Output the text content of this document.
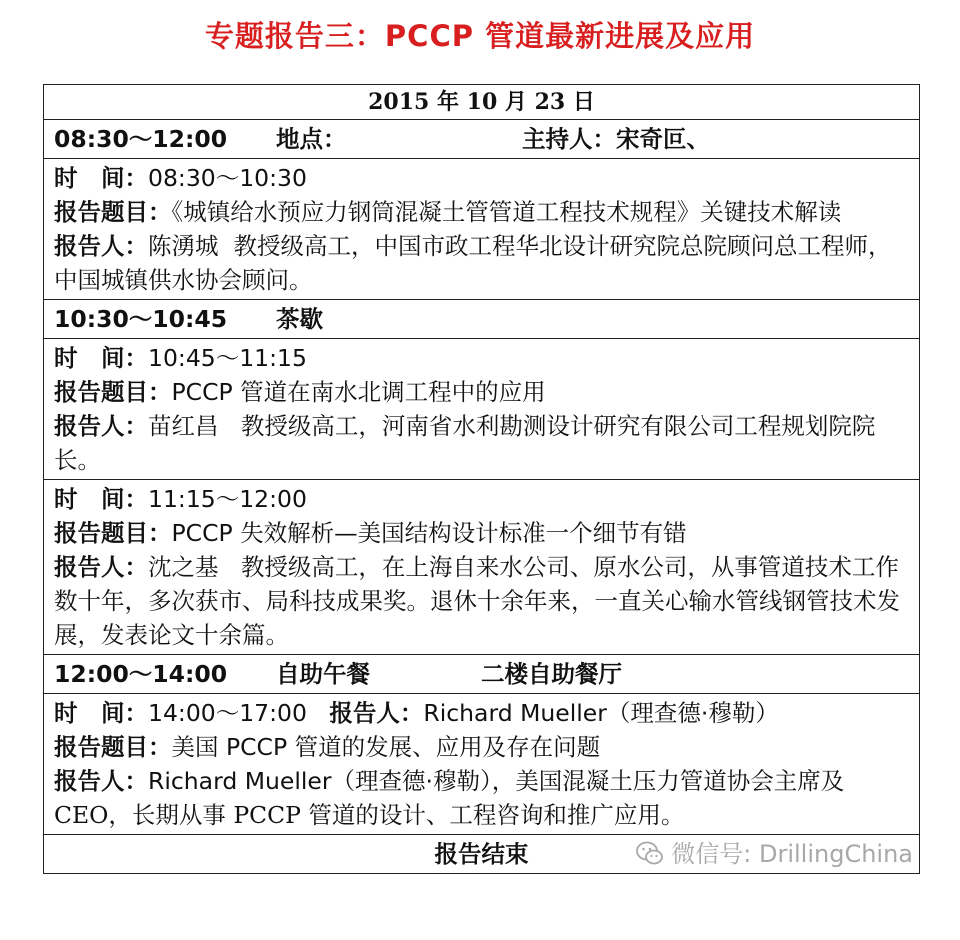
专题报告三：PCCP 管道最新进展及应用
2015 年 10 月 23 日
08:30～12:00 地点：	主持人：宋奇叵、

时　间：08:30～10:30
报告题目：《城镇给水预应力钢筒混凝土管管道工程技术规程》关键技术解读
报告人：陈湧城 教授级高工，中国市政工程华北设计研究院总院顾问总工程师，中国城镇供水协会顾问。

10:30～10:45 茶歇

时　间：10:45～11:15
报告题目：PCCP 管道在南水北调工程中的应用
报告人：苗红昌 教授级高工，河南省水利勘测设计研究有限公司工程规划院院长。

时　间：11:15～12:00
报告题目：PCCP 失效解析—美国结构设计标准一个细节有错
报告人：沈之基 教授级高工，在上海自来水公司、原水公司，从事管道技术工作数十年，多次获市、局科技成果奖。退休十余年来，一直关心输水管线钢管技术发展，发表论文十余篇。

12:00～14:00 自助午餐	二楼自助餐厅

时　间：14:00～17:00 报告人：Richard Mueller（理查德·穆勒）
报告题目：美国 PCCP 管道的发展、应用及存在问题
报告人：Richard Mueller（理查德·穆勒），美国混凝土压力管道协会主席及 CEO，长期从事 PCCP 管道的设计、工程咨询和推广应用。

报告结束	微信号: DrillingChina
